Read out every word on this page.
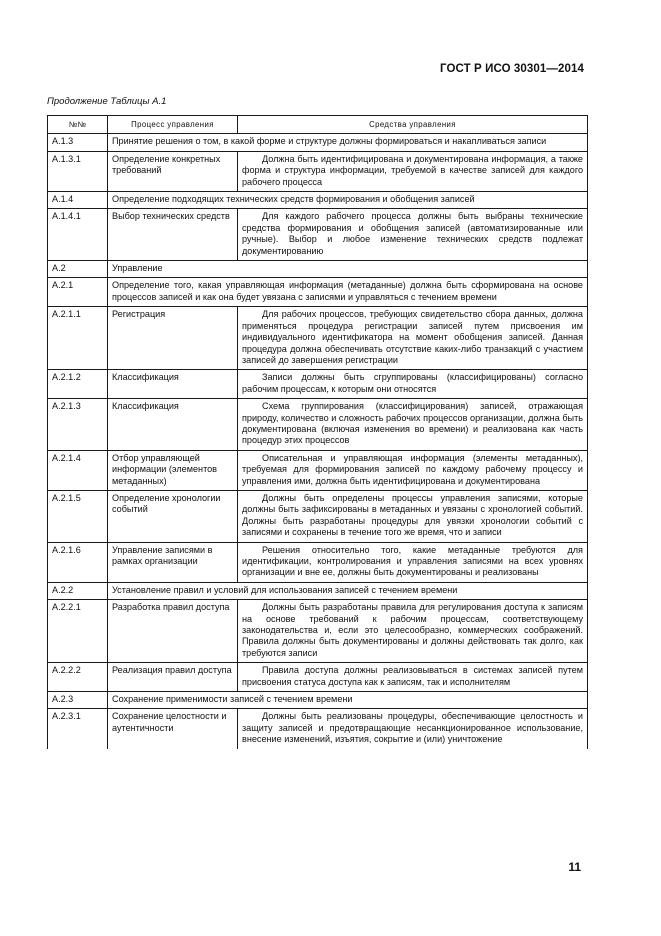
ГОСТ Р ИСО 30301—2014
Продолжение Таблицы А.1
№№	Процесс управления	Средства управления
А.1.3	Принятие решения о том, в какой форме и структуре должны формироваться и накапливаться записи	
А.1.3.1	Определение конкретных требований	Должна быть идентифицирована и документирована информация, а также форма и структура информации, требуемой в качестве записей для каждого рабочего процесса
А.1.4	Определение подходящих технических средств формирования и обобщения записей	
А.1.4.1	Выбор технических средств	Для каждого рабочего процесса должны быть выбраны технические средства формирования и обобщения записей (автоматизированные или ручные). Выбор и любое изменение технических средств подлежат документированию
А.2	Управление	
А.2.1	Определение того, какая управляющая информация (метаданные) должна быть сформирована на основе процессов записей и как она будет увязана с записями и управляться с течением времени	
А.2.1.1	Регистрация	Для рабочих процессов, требующих свидетельство сбора данных, должна применяться процедура регистрации записей путем присвоения им индивидуального идентификатора на момент обобщения записей. Данная процедура должна обеспечивать отсутствие каких-либо транзакций с участием записей до завершения регистрации
А.2.1.2	Классификация	Записи должны быть сгруппированы (классифицированы) согласно рабочим процессам, к которым они относятся
А.2.1.3	Классификация	Схема группирования (классифицирования) записей, отражающая природу, количество и сложность рабочих процессов организации, должна быть документирована (включая изменения во времени) и реализована как часть процедур этих процессов
А.2.1.4	Отбор управляющей информации (элементов метаданных)	Описательная и управляющая информация (элементы метаданных), требуемая для формирования записей по каждому рабочему процессу и управления ими, должна быть идентифицирована и документирована
А.2.1.5	Определение хронологии событий	Должны быть определены процессы управления записями, которые должны быть зафиксированы в метаданных и увязаны с хронологией событий. Должны быть разработаны процедуры для увязки хронологии событий с записями и сохранены в течение того же время, что и записи
А.2.1.6	Управление записями в рамках организации	Решения относительно того, какие метаданные требуются для идентификации, контролирования и управления записями на всех уровнях организации и вне ее, должны быть документированы и реализованы
А.2.2	Установление правил и условий для использования записей с течением времени	
А.2.2.1	Разработка правил доступа	Должны быть разработаны правила для регулирования доступа к записям на основе требований к рабочим процессам, соответствующему законодательства и, если это целесообразно, коммерческих соображений. Правила должны быть документированы и должны действовать так долго, как требуются записи
А.2.2.2	Реализация правил доступа	Правила доступа должны реализовываться в системах записей путем присвоения статуса доступа как к записям, так и исполнителям
А.2.3	Сохранение применимости записей с течением времени	
А.2.3.1	Сохранение целостности и аутентичности	Должны быть реализованы процедуры, обеспечивающие целостность и защиту записей и предотвращающие несанкционированное использование, внесение изменений, изъятия, сокрытие и (или) уничтожение
11
